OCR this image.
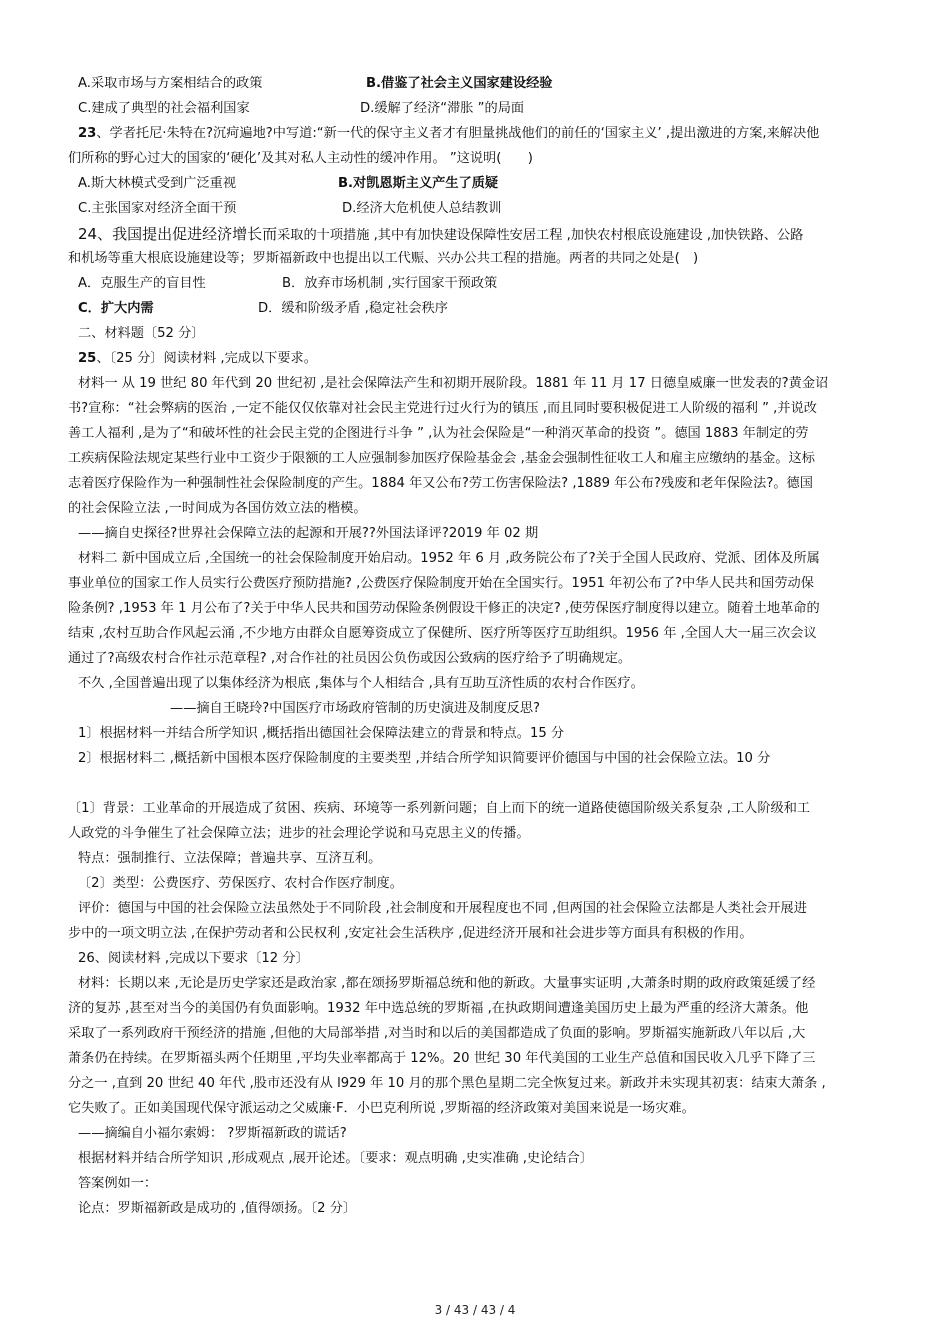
A.采取市场与方案相结合的政策	B.借鉴了社会主义国家建设经验
C.建成了典型的社会福利国家	D.缓解了经济“滞胀 ”的局面
23、学者托尼·朱特在?沉疴遍地?中写道:“新一代的保守主义者才有胆量挑战他们的前任的‘国家主义’ ,提出激进的方案,来解决他
们所称的野心过大的国家的‘硬化’及其对私人主动性的缓冲作用。 ”这说明(　　)
A.斯大林模式受到广泛重视	B.对凯恩斯主义产生了质疑
C.主张国家对经济全面干预	D.经济大危机使人总结教训
24、我国提出促进经济增长而采取的十项措施 ,其中有加快建设保障性安居工程 ,加快农村根底设施建设 ,加快铁路、公路
和机场等重大根底设施建设等；罗斯福新政中也提出以工代赈、兴办公共工程的措施。两者的共同之处是(　)
A．克服生产的盲目性	B．放弃市场机制 ,实行国家干预政策
C．扩大内需	D．缓和阶级矛盾 ,稳定社会秩序
二、材料题〔52 分〕
25、〔25 分〕阅读材料 ,完成以下要求。
材料一 从 19 世纪 80 年代到 20 世纪初 ,是社会保障法产生和初期开展阶段。1881 年 11 月 17 日德皇威廉一世发表的?黄金诏
书?宣称：“社会弊病的医治 ,一定不能仅仅依靠对社会民主党进行过火行为的镇压 ,而且同时要积极促进工人阶级的福利 ” ,并说改
善工人福利 ,是为了“和破坏性的社会民主党的企图进行斗争 ” ,认为社会保险是“一种消灭革命的投资 ”。德国 1883 年制定的劳
工疾病保险法规定某些行业中工资少于限额的工人应强制参加医疗保险基金会 ,基金会强制性征收工人和雇主应缴纳的基金。这标
志着医疗保险作为一种强制性社会保险制度的产生。1884 年又公布?劳工伤害保险法? ,1889 年公布?残废和老年保险法?。德国
的社会保险立法 ,一时间成为各国仿效立法的楷模。
——摘自史探径?世界社会保障立法的起源和开展??外国法译评?2019 年 02 期
材料二 新中国成立后 ,全国统一的社会保险制度开始启动。1952 年 6 月 ,政务院公布了?关于全国人民政府、党派、团体及所属
事业单位的国家工作人员实行公费医疗预防措施? ,公费医疗保险制度开始在全国实行。1951 年初公布了?中华人民共和国劳动保
险条例? ,1953 年 1 月公布了?关于中华人民共和国劳动保险条例假设干修正的决定? ,使劳保医疗制度得以建立。随着土地革命的
结束 ,农村互助合作风起云涌 ,不少地方由群众自愿筹资成立了保健所、医疗所等医疗互助组织。1956 年 ,全国人大一届三次会议
通过了?高级农村合作社示范章程? ,对合作社的社员因公负伤或因公致病的医疗给予了明确规定。
不久 ,全国普遍出现了以集体经济为根底 ,集体与个人相结合 ,具有互助互济性质的农村合作医疗。
——摘自王晓玲?中国医疗市场政府管制的历史演进及制度反思?
1〕根据材料一并结合所学知识 ,概括指出德国社会保障法建立的背景和特点。15 分
2〕根据材料二 ,概括新中国根本医疗保险制度的主要类型 ,并结合所学知识简要评价德国与中国的社会保险立法。10 分
〔1〕背景：工业革命的开展造成了贫困、疾病、环境等一系列新问题；自上而下的统一道路使德国阶级关系复杂 ,工人阶级和工
人政党的斗争催生了社会保障立法；进步的社会理论学说和马克思主义的传播。
特点：强制推行、立法保障；普遍共享、互济互利。
〔2〕类型：公费医疗、劳保医疗、农村合作医疗制度。
评价：德国与中国的社会保险立法虽然处于不同阶段 ,社会制度和开展程度也不同 ,但两国的社会保险立法都是人类社会开展进
步中的一项文明立法 ,在保护劳动者和公民权利 ,安定社会生活秩序 ,促进经济开展和社会进步等方面具有积极的作用。
26、阅读材料 ,完成以下要求〔12 分〕
材料：长期以来 ,无论是历史学家还是政治家 ,都在颂扬罗斯福总统和他的新政。大量事实证明 ,大萧条时期的政府政策延缓了经
济的复苏 ,甚至对当今的美国仍有负面影响。1932 年中选总统的罗斯福 ,在执政期间遭逢美国历史上最为严重的经济大萧条。他
采取了一系列政府干预经济的措施 ,但他的大局部举措 ,对当时和以后的美国都造成了负面的影响。罗斯福实施新政八年以后 ,大
萧条仍在持续。在罗斯福头两个任期里 ,平均失业率都高于 12%。20 世纪 30 年代美国的工业生产总值和国民收入几乎下降了三
分之一 ,直到 20 世纪 40 年代 ,股市还没有从 l929 年 10 月的那个黑色星期二完全恢复过来。新政并未实现其初衷：结束大萧条 ,
它失败了。正如美国现代保守派运动之父威廉·F．小巴克利所说 ,罗斯福的经济政策对美国来说是一场灾难。
——摘编自小福尔索姆： ?罗斯福新政的谎话?
根据材料并结合所学知识 ,形成观点 ,展开论述。〔要求：观点明确 ,史实准确 ,史论结合〕
答案例如一：
论点：罗斯福新政是成功的 ,值得颂扬。〔2 分〕
3 / 43 / 43 / 4
